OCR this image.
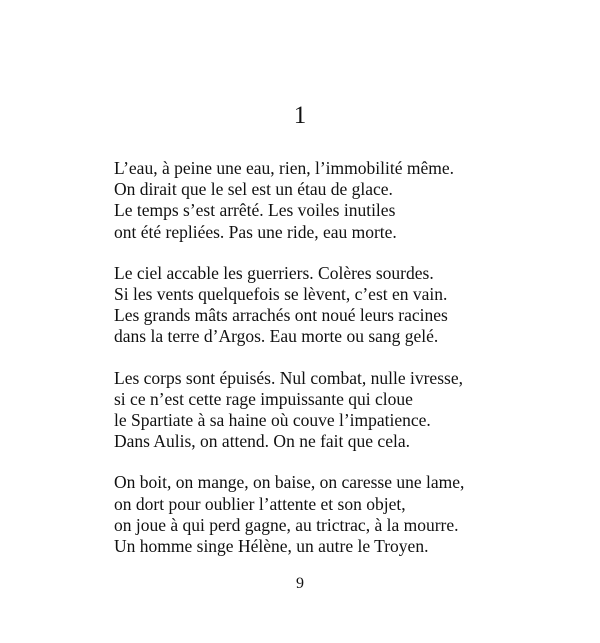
1
L’eau, à peine une eau, rien, l’immobilité même.
On dirait que le sel est un étau de glace.
Le temps s’est arrêté. Les voiles inutiles
ont été repliées. Pas une ride, eau morte.
Le ciel accable les guerriers. Colères sourdes.
Si les vents quelquefois se lèvent, c’est en vain.
Les grands mâts arrachés ont noué leurs racines
dans la terre d’Argos. Eau morte ou sang gelé.
Les corps sont épuisés. Nul combat, nulle ivresse,
si ce n’est cette rage impuissante qui cloue
le Spartiate à sa haine où couve l’impatience.
Dans Aulis, on attend. On ne fait que cela.
On boit, on mange, on baise, on caresse une lame,
on dort pour oublier l’attente et son objet,
on joue à qui perd gagne, au trictrac, à la mourre.
Un homme singe Hélène, un autre le Troyen.
9
